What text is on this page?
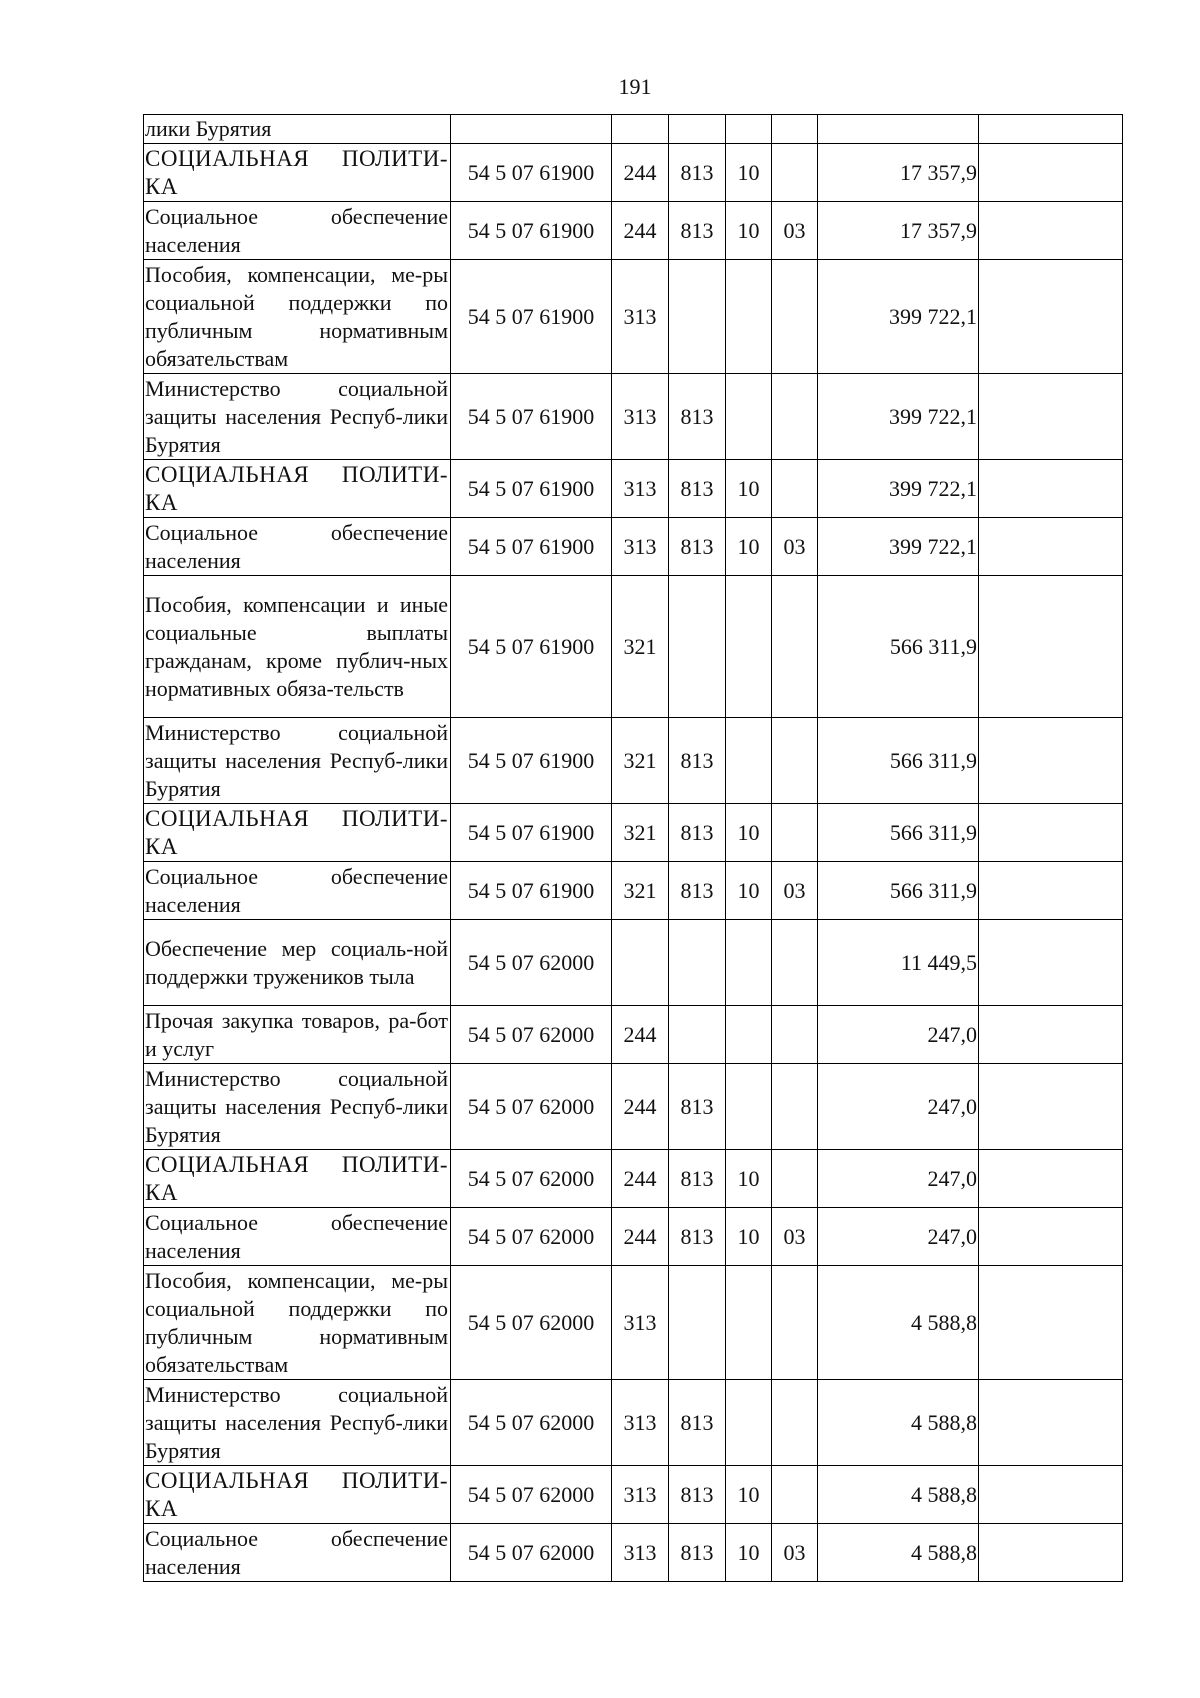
191
лики Бурятия							
СОЦИАЛЬНАЯ ПОЛИТИ-КА	54 5 07 61900	244	813	10		17 357,9	
Социальное обеспечение населения	54 5 07 61900	244	813	10	03	17 357,9	
Пособия, компенсации, ме-ры социальной поддержки по публичным нормативным обязательствам	54 5 07 61900	313				399 722,1	
Министерство социальной защиты населения Респуб-лики Бурятия	54 5 07 61900	313	813			399 722,1	
СОЦИАЛЬНАЯ ПОЛИТИ-КА	54 5 07 61900	313	813	10		399 722,1	
Социальное обеспечение населения	54 5 07 61900	313	813	10	03	399 722,1	
Пособия, компенсации и иные социальные выплаты гражданам, кроме публич-ных нормативных обяза-тельств	54 5 07 61900	321				566 311,9	
Министерство социальной защиты населения Респуб-лики Бурятия	54 5 07 61900	321	813			566 311,9	
СОЦИАЛЬНАЯ ПОЛИТИ-КА	54 5 07 61900	321	813	10		566 311,9	
Социальное обеспечение населения	54 5 07 61900	321	813	10	03	566 311,9	
Обеспечение мер социаль-ной поддержки тружеников тыла	54 5 07 62000					11 449,5	
Прочая закупка товаров, ра-бот и услуг	54 5 07 62000	244				247,0	
Министерство социальной защиты населения Респуб-лики Бурятия	54 5 07 62000	244	813			247,0	
СОЦИАЛЬНАЯ ПОЛИТИ-КА	54 5 07 62000	244	813	10		247,0	
Социальное обеспечение населения	54 5 07 62000	244	813	10	03	247,0	
Пособия, компенсации, ме-ры социальной поддержки по публичным нормативным обязательствам	54 5 07 62000	313				4 588,8	
Министерство социальной защиты населения Респуб-лики Бурятия	54 5 07 62000	313	813			4 588,8	
СОЦИАЛЬНАЯ ПОЛИТИ-КА	54 5 07 62000	313	813	10		4 588,8	
Социальное обеспечение населения	54 5 07 62000	313	813	10	03	4 588,8	
